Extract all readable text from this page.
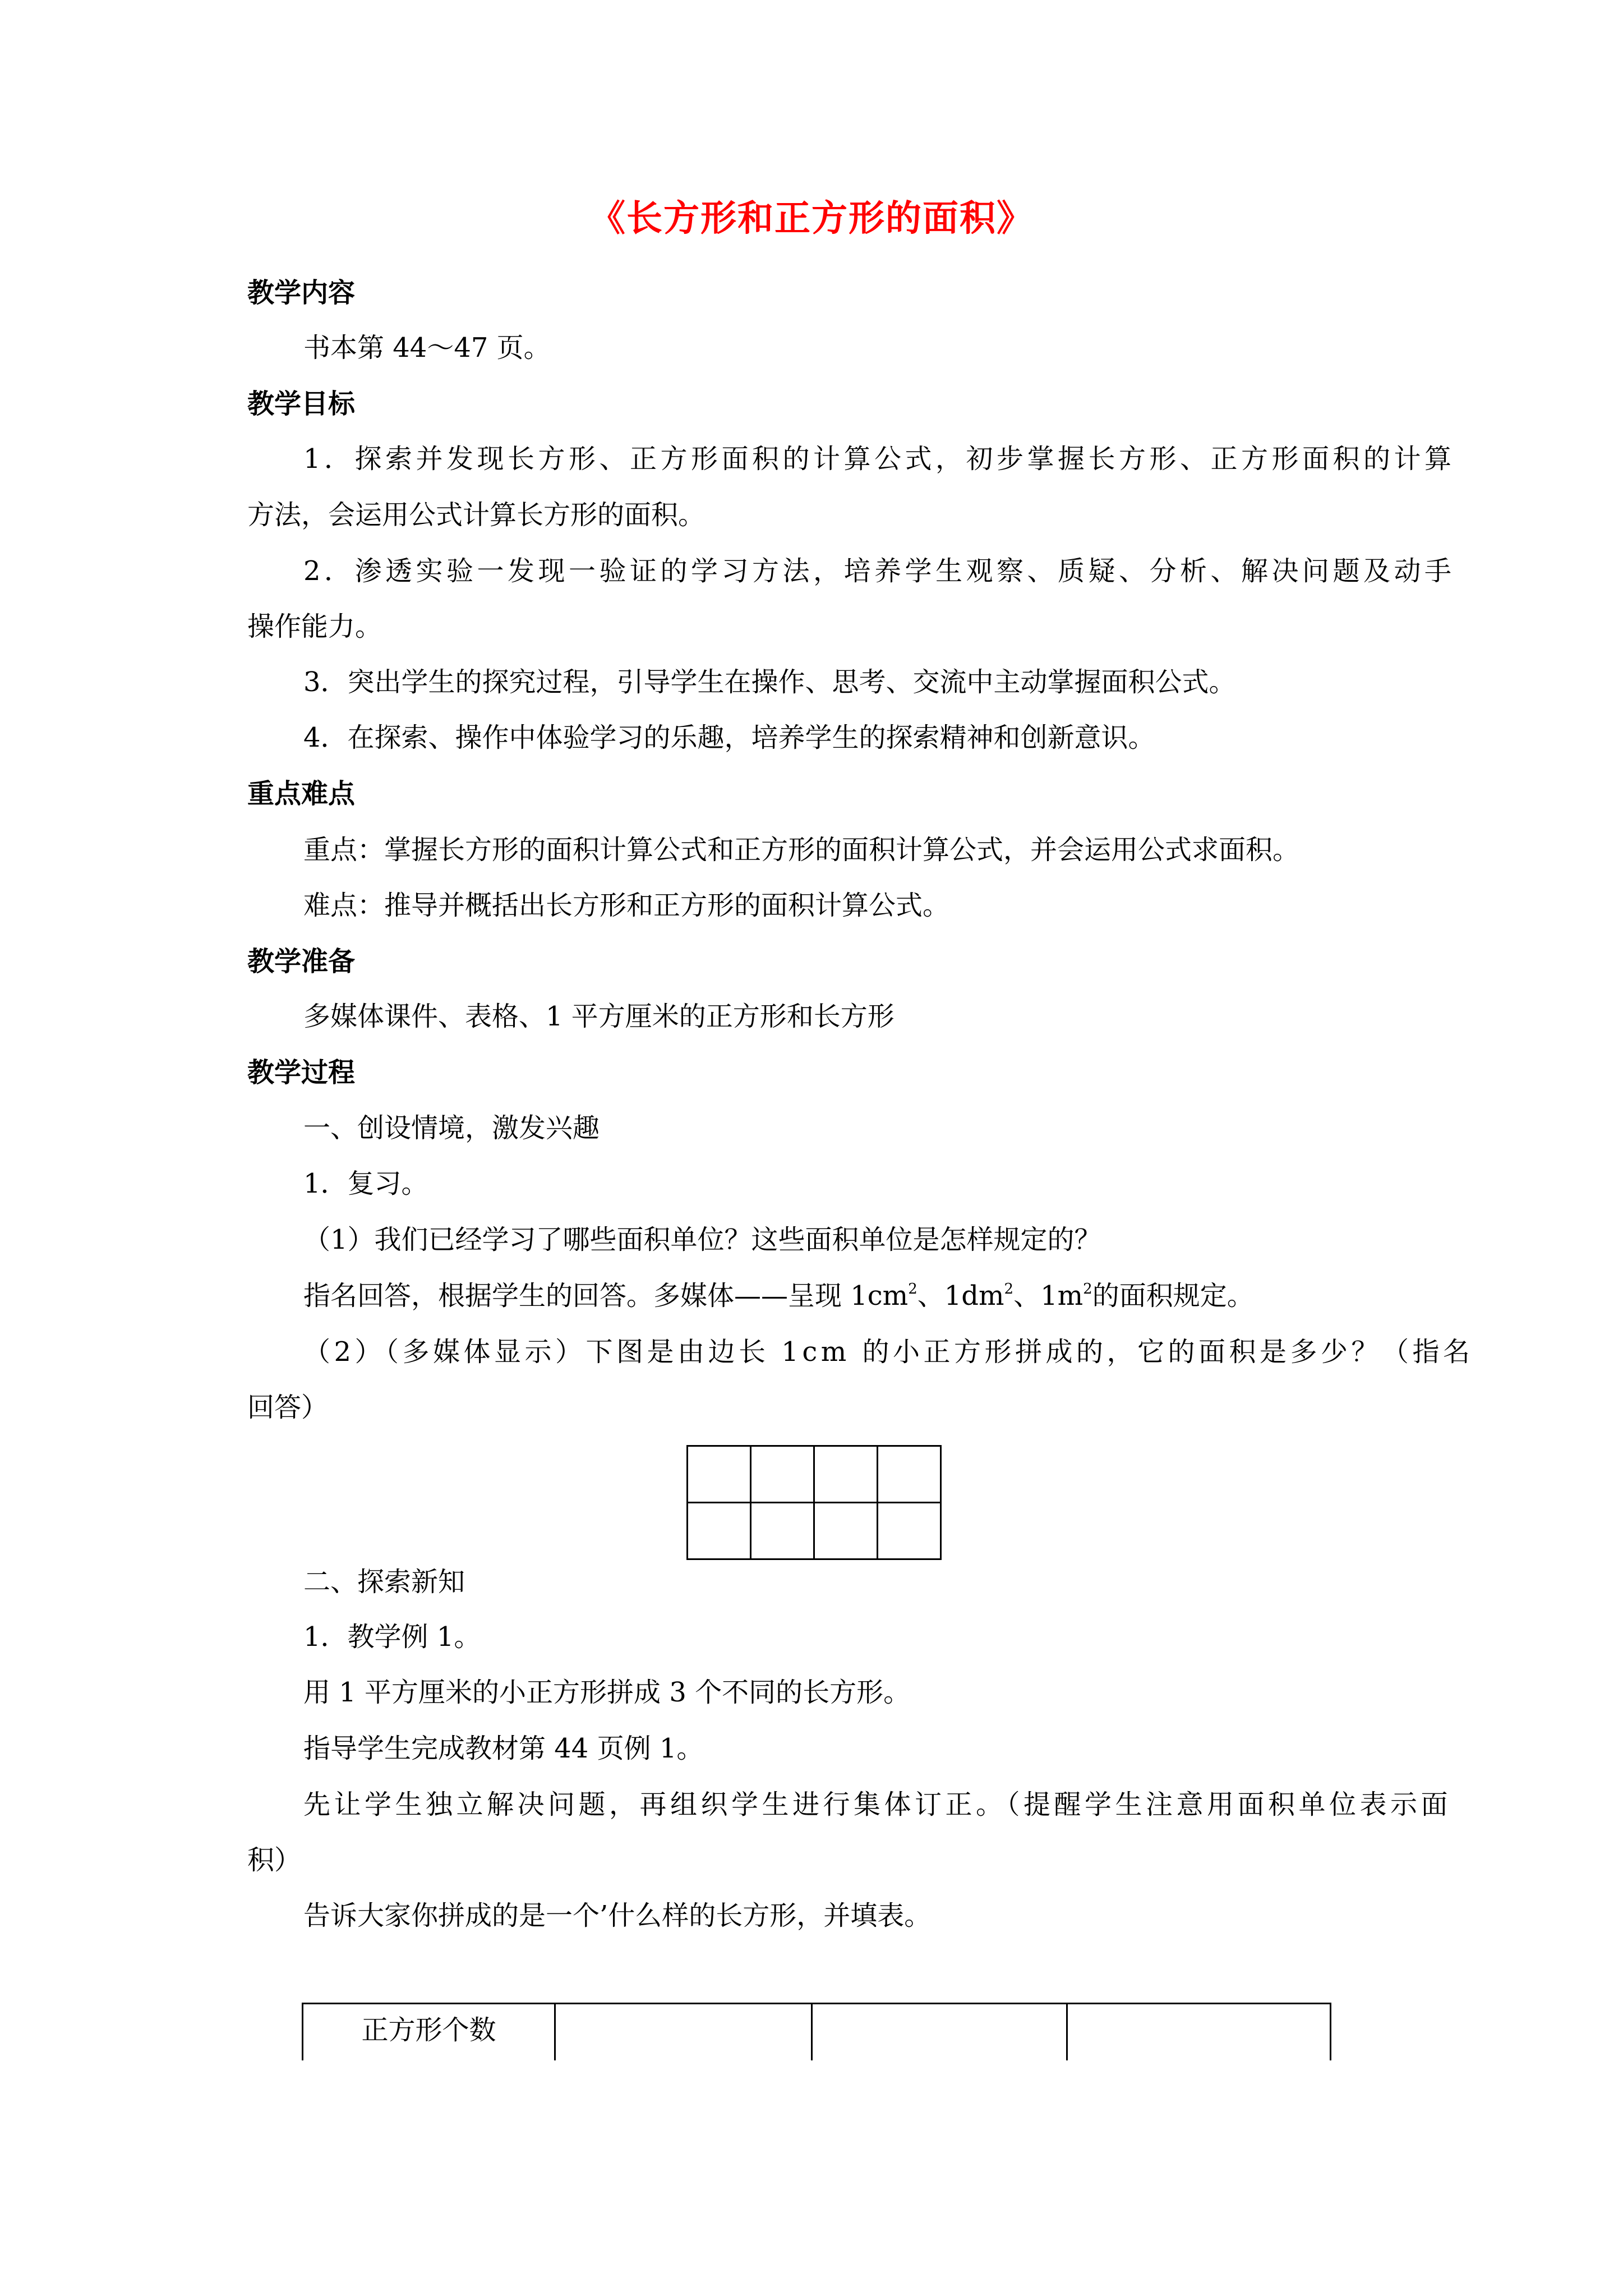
《长方形和正方形的面积》
教学内容
书本第 44～47 页。
教学目标
1．探索并发现长方形、正方形面积的计算公式，初步掌握长方形、正方形面积的计算
方法，会运用公式计算长方形的面积。
2．渗透实验一发现一验证的学习方法，培养学生观察、质疑、分析、解决问题及动手
操作能力。
3．突出学生的探究过程，引导学生在操作、思考、交流中主动掌握面积公式。
4．在探索、操作中体验学习的乐趣，培养学生的探索精神和创新意识。
重点难点
重点：掌握长方形的面积计算公式和正方形的面积计算公式，并会运用公式求面积。
难点：推导并概括出长方形和正方形的面积计算公式。
教学准备
多媒体课件、表格、1 平方厘米的正方形和长方形
教学过程
一、创设情境，激发兴趣
1．复习。
（1）我们已经学习了哪些面积单位？这些面积单位是怎样规定的？
指名回答，根据学生的回答。多媒体——呈现 $1cm^2$、$1dm^2$、$1m^2$的面积规定。
（2）（多媒体显示）下图是由边长 1cm 的小正方形拼成的，它的面积是多少？（指名
回答）

二、探索新知
1．教学例 1。
用 1 平方厘米的小正方形拼成 3 个不同的长方形。
指导学生完成教材第 44 页例 1。
先让学生独立解决问题，再组织学生进行集体订正。（提醒学生注意用面积单位表示面
积）
告诉大家你拼成的是一个’什么样的长方形，并填表。
正方形个数
